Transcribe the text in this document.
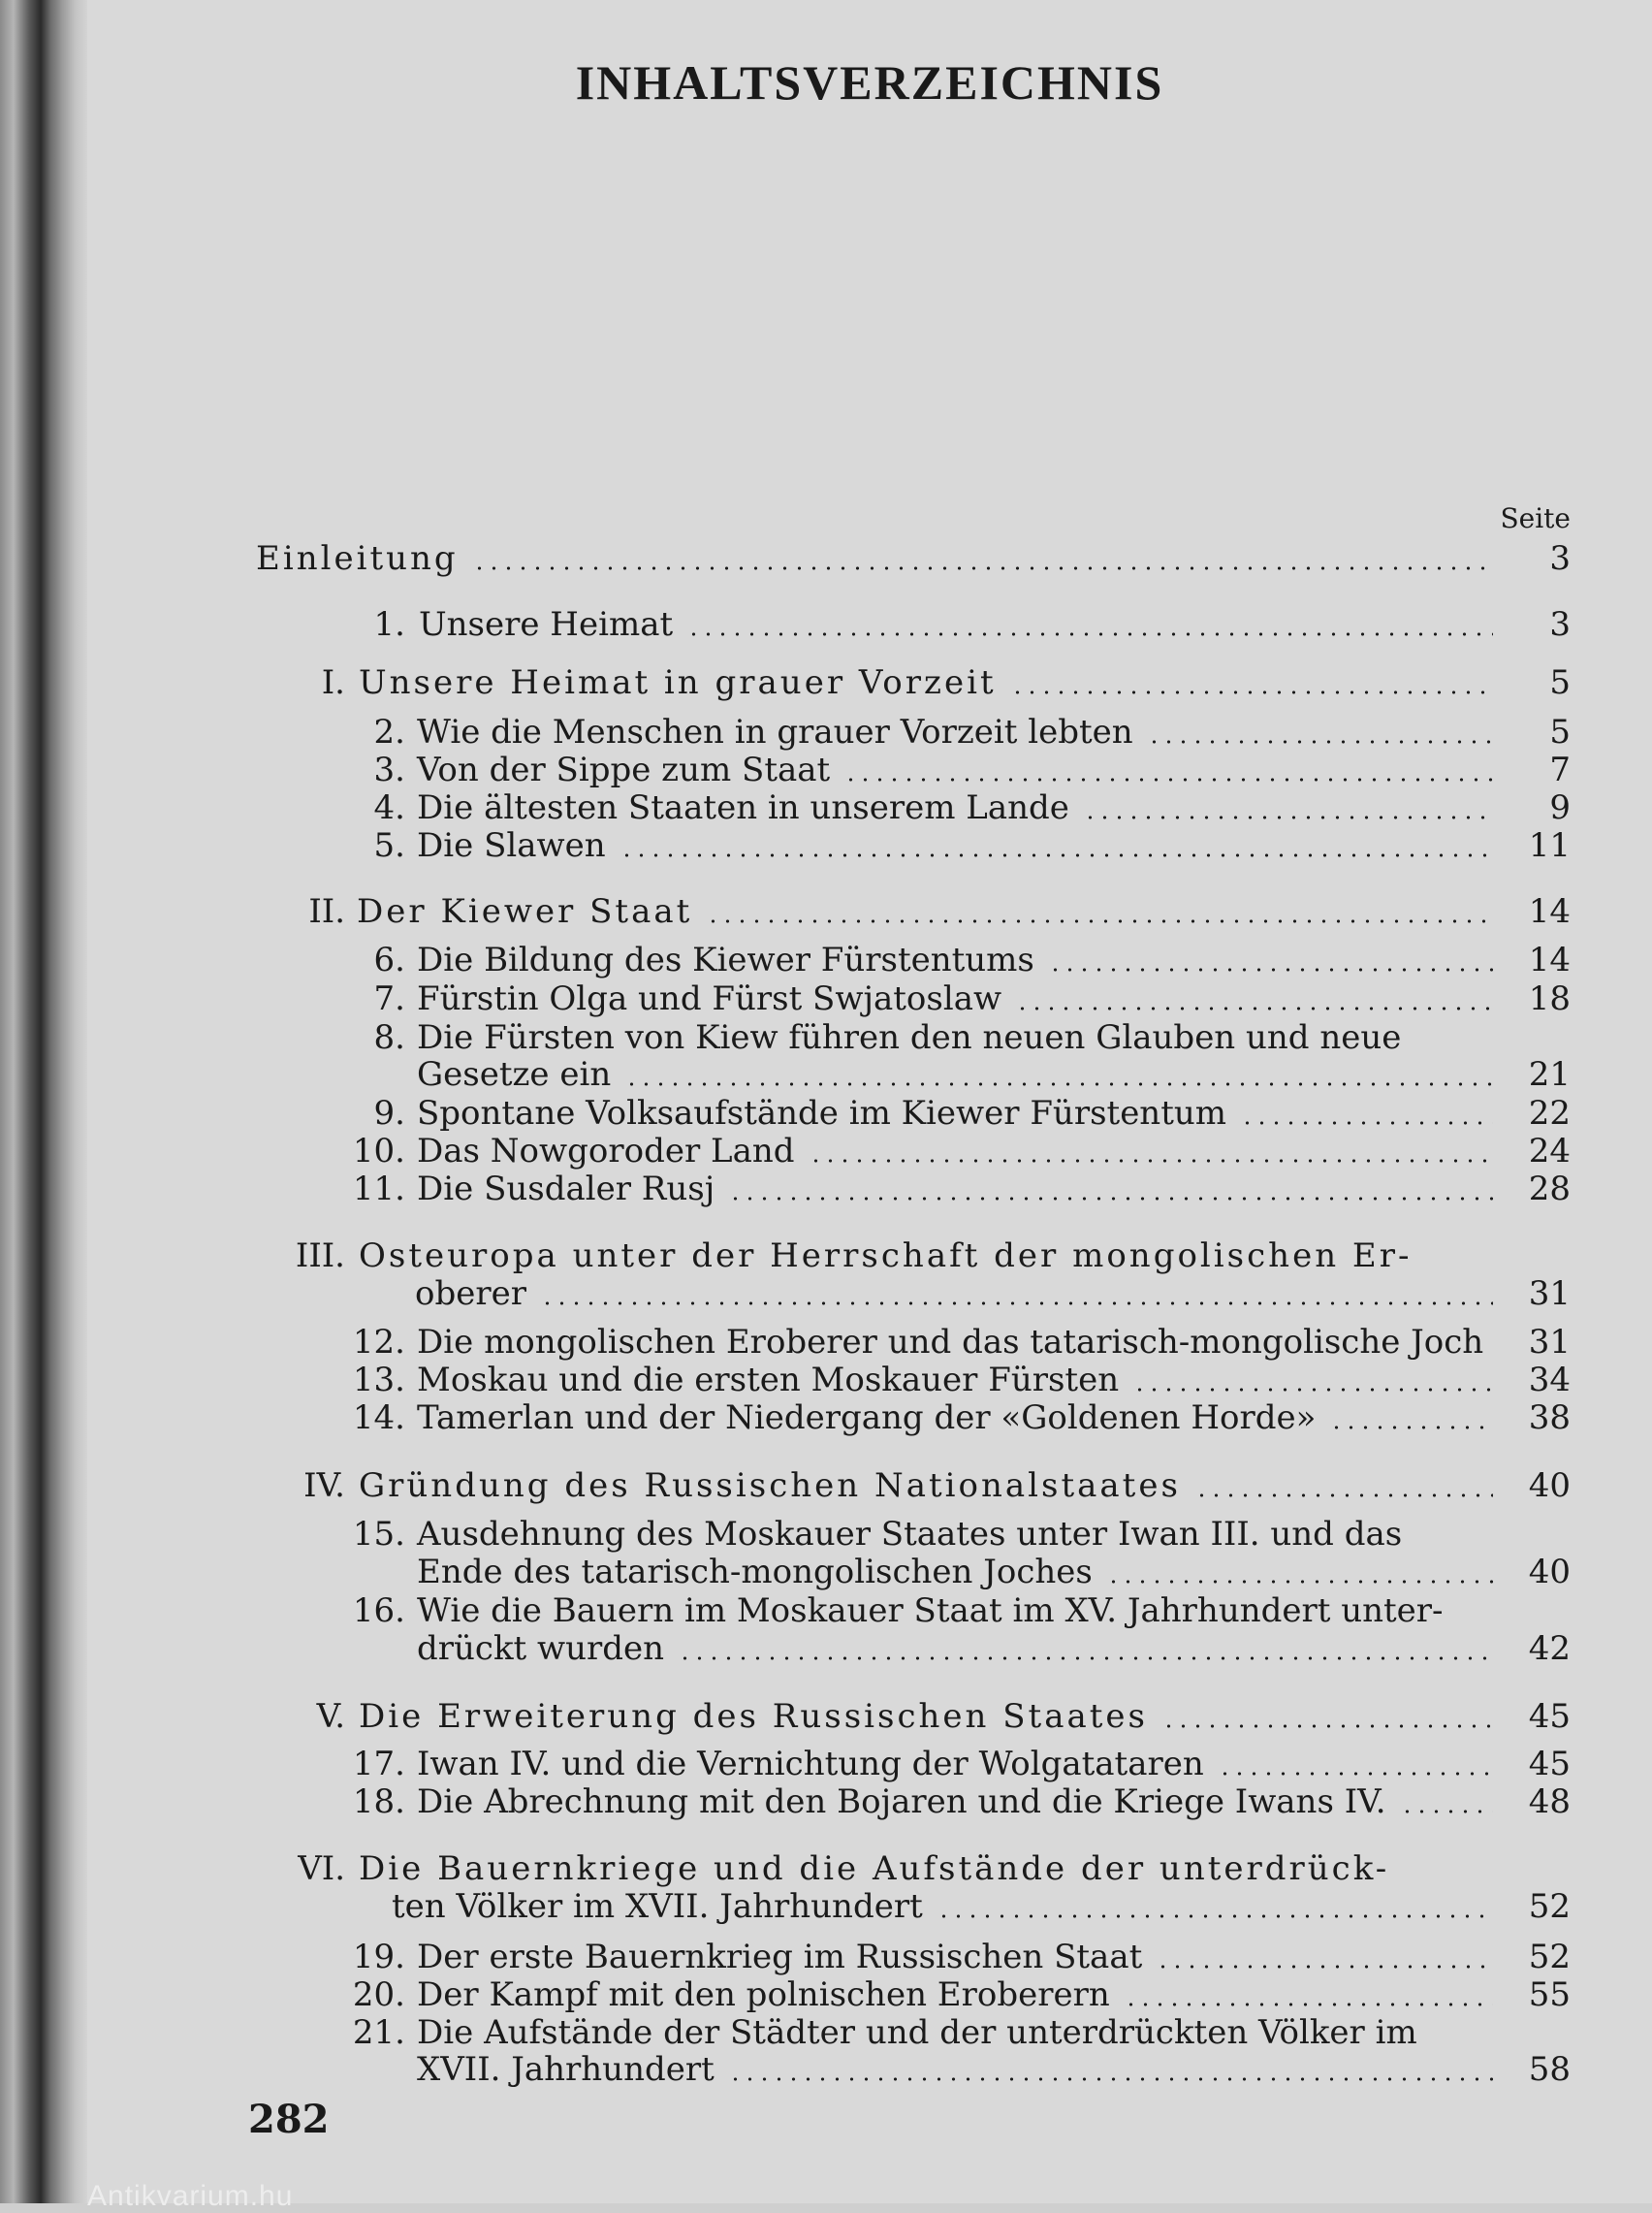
INHALTSVERZEICHNIS
Seite
Einleitung	3
1. Unsere Heimat	3
I. Unsere Heimat in grauer Vorzeit	5
2. Wie die Menschen in grauer Vorzeit lebten	5
3. Von der Sippe zum Staat	7
4. Die ältesten Staaten in unserem Lande	9
5. Die Slawen	11
II. Der Kiewer Staat	14
6. Die Bildung des Kiewer Fürstentums	14
7. Fürstin Olga und Fürst Swjatoslaw	18
8. Die Fürsten von Kiew führen den neuen Glauben und neue
Gesetze ein	21
9. Spontane Volksaufstände im Kiewer Fürstentum	22
10. Das Nowgoroder Land	24
11. Die Susdaler Rusj	28
III. Osteuropa unter der Herrschaft der mongolischen Er-
oberer	31
12. Die mongolischen Eroberer und das tatarisch-mongolische Joch	31
13. Moskau und die ersten Moskauer Fürsten	34
14. Tamerlan und der Niedergang der «Goldenen Horde»	38
IV. Gründung des Russischen Nationalstaates	40
15. Ausdehnung des Moskauer Staates unter Iwan III. und das
Ende des tatarisch-mongolischen Joches	40
16. Wie die Bauern im Moskauer Staat im XV. Jahrhundert unter-
drückt wurden	42
V. Die Erweiterung des Russischen Staates	45
17. Iwan IV. und die Vernichtung der Wolgatataren	45
18. Die Abrechnung mit den Bojaren und die Kriege Iwans IV.	48
VI. Die Bauernkriege und die Aufstände der unterdrück-
ten Völker im XVII. Jahrhundert	52
19. Der erste Bauernkrieg im Russischen Staat	52
20. Der Kampf mit den polnischen Eroberern	55
21. Die Aufstände der Städter und der unterdrückten Völker im
XVII. Jahrhundert	58
282
Antikvarium.hu
